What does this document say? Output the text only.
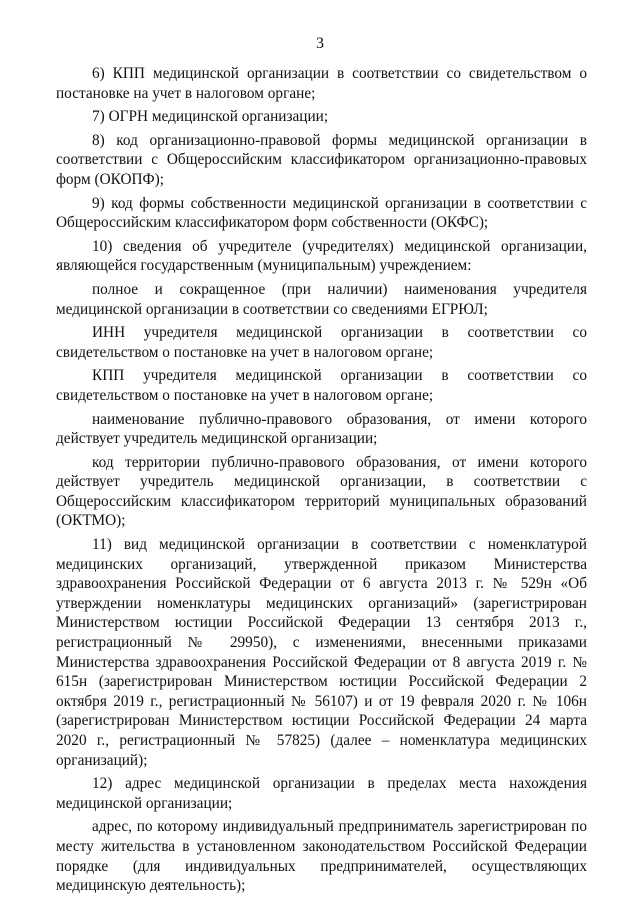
3

6) КПП медицинской организации в соответствии со свидетельством о постановке на учет в налоговом органе;

7) ОГРН медицинской организации;

8) код организационно-правовой формы медицинской организации в соответствии с Общероссийским классификатором организационно-правовых форм (ОКОПФ);

9) код формы собственности медицинской организации в соответствии с Общероссийским классификатором форм собственности (ОКФС);

10) сведения об учредителе (учредителях) медицинской организации, являющейся государственным (муниципальным) учреждением:

полное и сокращенное (при наличии) наименования учредителя медицинской организации в соответствии со сведениями ЕГРЮЛ;

ИНН учредителя медицинской организации в соответствии со свидетельством о постановке на учет в налоговом органе;

КПП учредителя медицинской организации в соответствии со свидетельством о постановке на учет в налоговом органе;

наименование публично-правового образования, от имени которого действует учредитель медицинской организации;

код территории публично-правового образования, от имени которого действует учредитель медицинской организации, в соответствии с Общероссийским классификатором территорий муниципальных образований (ОКТМО);

11) вид медицинской организации в соответствии с номенклатурой медицинских организаций, утвержденной приказом Министерства здравоохранения Российской Федерации от 6 августа 2013 г. № 529н «Об утверждении номенклатуры медицинских организаций» (зарегистрирован Министерством юстиции Российской Федерации 13 сентября 2013 г., регистрационный № 29950), с изменениями, внесенными приказами Министерства здравоохранения Российской Федерации от 8 августа 2019 г. № 615н (зарегистрирован Министерством юстиции Российской Федерации 2 октября 2019 г., регистрационный № 56107) и от 19 февраля 2020 г. № 106н (зарегистрирован Министерством юстиции Российской Федерации 24 марта 2020 г., регистрационный № 57825) (далее – номенклатура медицинских организаций);

12) адрес медицинской организации в пределах места нахождения медицинской организации;

адрес, по которому индивидуальный предприниматель зарегистрирован по месту жительства в установленном законодательством Российской Федерации порядке (для индивидуальных предпринимателей, осуществляющих медицинскую деятельность);
